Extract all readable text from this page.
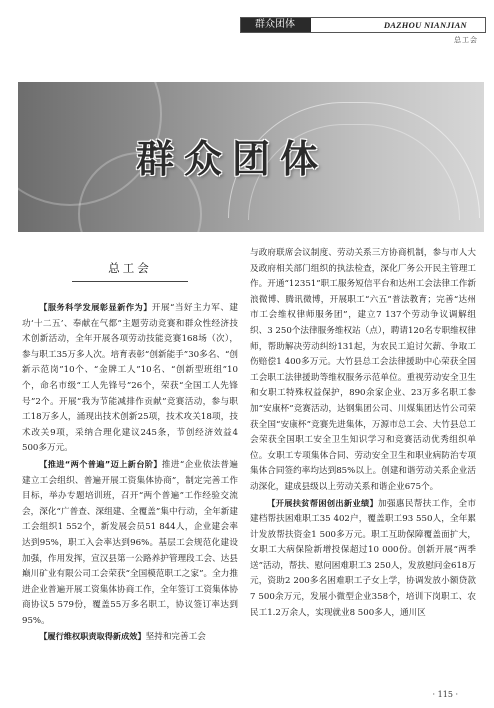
群众团体	DAZHOU NIANJIAN
总工会
群众团体
总工会

【服务科学发展彰显新作为】开展“当好主力军、建功‘十二五’、奉献在气都”主题劳动竞赛和群众性经济技术创新活动，全年开展各项劳动技能竞赛168场（次），参与职工35万多人次。培育表彰“创新能手”30多名、“创新示范岗”10个、“金牌工人”10名、“创新型班组”10个，命名市级“工人先锋号”26个，荣获“全国工人先锋号”2个。开展“我为节能减排作贡献”竞赛活动，参与职工18万多人，涌现出技术创新25项，技术攻关18项，技术改关9项，采纳合理化建议245条，节创经济效益4 500多万元。

【推进“两个普遍”迈上新台阶】推进“企业依法普遍建立工会组织、普遍开展工资集体协商”，制定完善工作目标，举办专题培训班，召开“两个普遍”工作经验交流会，深化“广普查、深组建、全覆盖”集中行动，全年新建工会组织1 552个，新发展会员51 844人，企业建会率达到95%，职工入会率达到96%。基层工会规范化建设加强，作用发挥，宣汉县第一公路养护管理段工会、达县巅川矿业有限公司工会荣获“全国模范职工之家”。全力推进企业普遍开展工资集体协商工作，全年签订工资集体协商协议5 579份，覆盖55万多名职工，协议签订率达到95%。

【履行维权职责取得新成效】坚持和完善工会

与政府联席会议制度、劳动关系三方协商机制，参与市人大及政府相关部门组织的执法检查，深化厂务公开民主管理工作。开通“12351”职工服务短信平台和达州工会法律工作新浪微博、腾讯微博，开展职工“六五”普法教育；完善“达州市工会维权律师服务团”，建立7 137个劳动争议调解组织、3 250个法律服务维权站（点），聘请120名专职维权律师，帮助解决劳动纠纷131起，为农民工追讨欠薪、争取工伤赔偿1 400多万元。大竹县总工会法律援助中心荣获全国工会职工法律援助等维权服务示范单位。重视劳动安全卫生和女职工特殊权益保护，890余家企业、23万多名职工参加“安康杯”竞赛活动，达钢集团公司、川煤集团达竹公司荣获全国“安康杯”竞赛先进集体，万源市总工会、大竹县总工会荣获全国职工安全卫生知识学习和竞赛活动优秀组织单位。女职工专项集体合同、劳动安全卫生和职业病防治专项集体合同签约率均达到85%以上。创建和谐劳动关系企业活动深化，建成县级以上劳动关系和谐企业675个。

【开展扶贫帮困创出新业绩】加强惠民帮扶工作，全市建档帮扶困难职工35 402户，覆盖职工93 550人，全年累计发放帮扶资金1 500多万元。职工互助保障覆盖面扩大，女职工大病保险新增投保超过10 000份。创新开展“两季送”活动，帮扶、慰问困难职工3 250人，发放慰问金618万元，资助2 200多名困难职工子女上学，协调发放小额贷款7 500余万元，发展小微型企业358个，培训下岗职工、农民工1.2万余人，实现就业8 500多人，通川区

· 115 ·
